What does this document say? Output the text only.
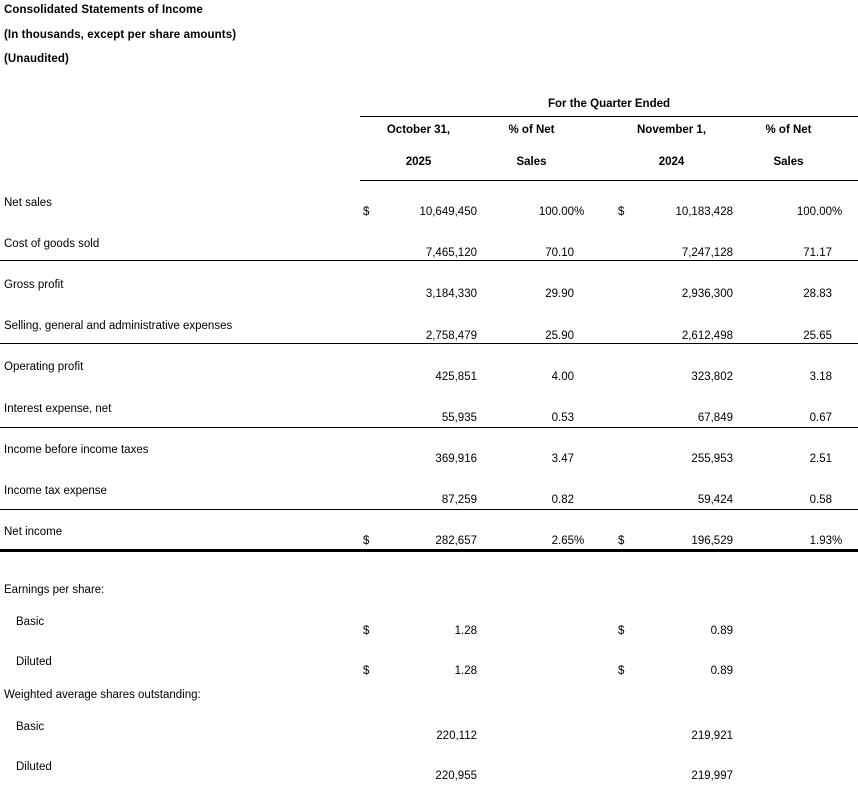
Consolidated Statements of Income
(In thousands, except per share amounts)
(Unaudited)
For the Quarter Ended
October 31,	% of Net	November 1,	% of Net
2025	Sales	2024	Sales
Net sales
$	10,649,450	100.00 %	$	10,183,428	100.00 %
Cost of goods sold
7,465,120	70.10	7,247,128	71.17
Gross profit
3,184,330	29.90	2,936,300	28.83
Selling, general and administrative expenses
2,758,479	25.90	2,612,498	25.65
Operating profit
425,851	4.00	323,802	3.18
Interest expense, net
55,935	0.53	67,849	0.67
Income before income taxes
369,916	3.47	255,953	2.51
Income tax expense
87,259	0.82	59,424	0.58
Net income
$	282,657	2.65 %	$	196,529	1.93 %
Earnings per share:
Basic
$	1.28	$	0.89
Diluted
$	1.28	$	0.89
Weighted average shares outstanding:
Basic
220,112	219,921
Diluted
220,955	219,997
